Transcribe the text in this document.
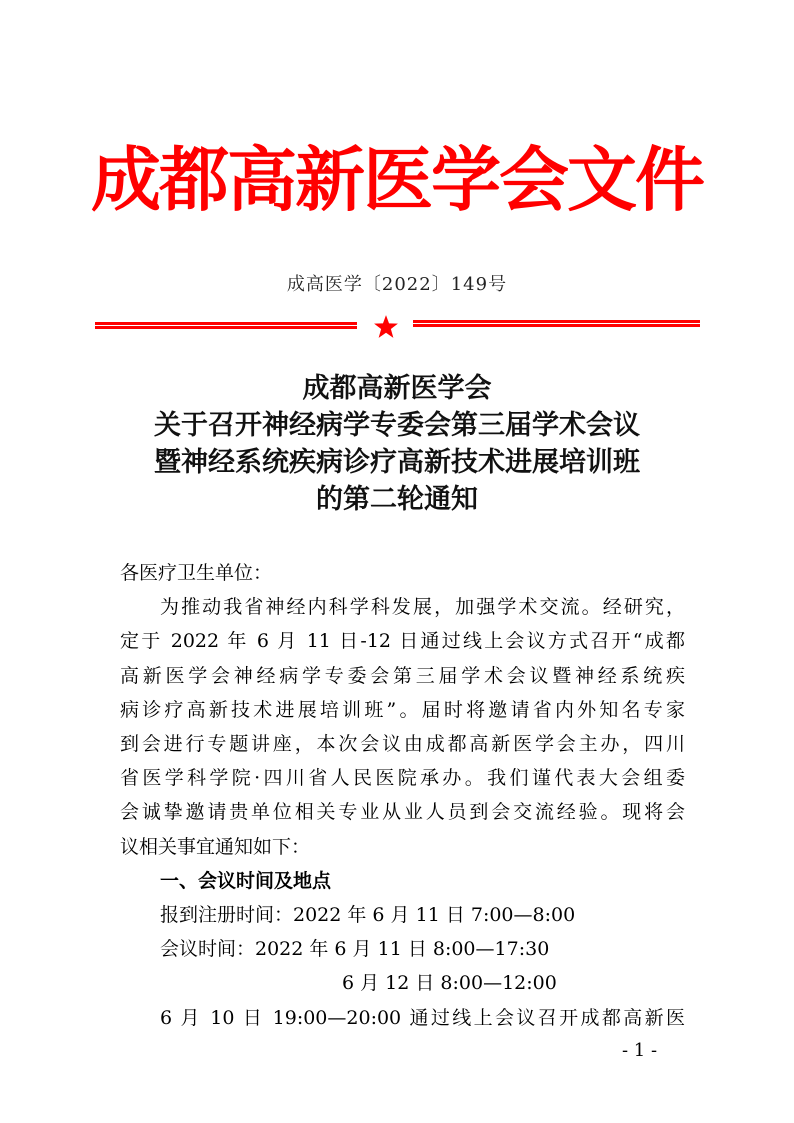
成都高新医学会文件
成高医学〔2022〕149号
成都高新医学会
关于召开神经病学专委会第三届学术会议
暨神经系统疾病诊疗高新技术进展培训班
的第二轮通知
各医疗卫生单位：
为推动我省神经内科学科发展，加强学术交流。经研究，
定于 2022 年 6 月 11 日-12 日通过线上会议方式召开“成都
高新医学会神经病学专委会第三届学术会议暨神经系统疾
病诊疗高新技术进展培训班”。届时将邀请省内外知名专家
到会进行专题讲座，本次会议由成都高新医学会主办，四川
省医学科学院·四川省人民医院承办。我们谨代表大会组委
会诚挚邀请贵单位相关专业从业人员到会交流经验。现将会
议相关事宜通知如下：
一、会议时间及地点
报到注册时间：2022 年 6 月 11 日 7:00—8:00
会议时间：2022 年 6 月 11 日 8:00—17:30
6 月 12 日 8:00—12:00
6 月 10 日 19:00—20:00 通过线上会议召开成都高新医
- 1 -
